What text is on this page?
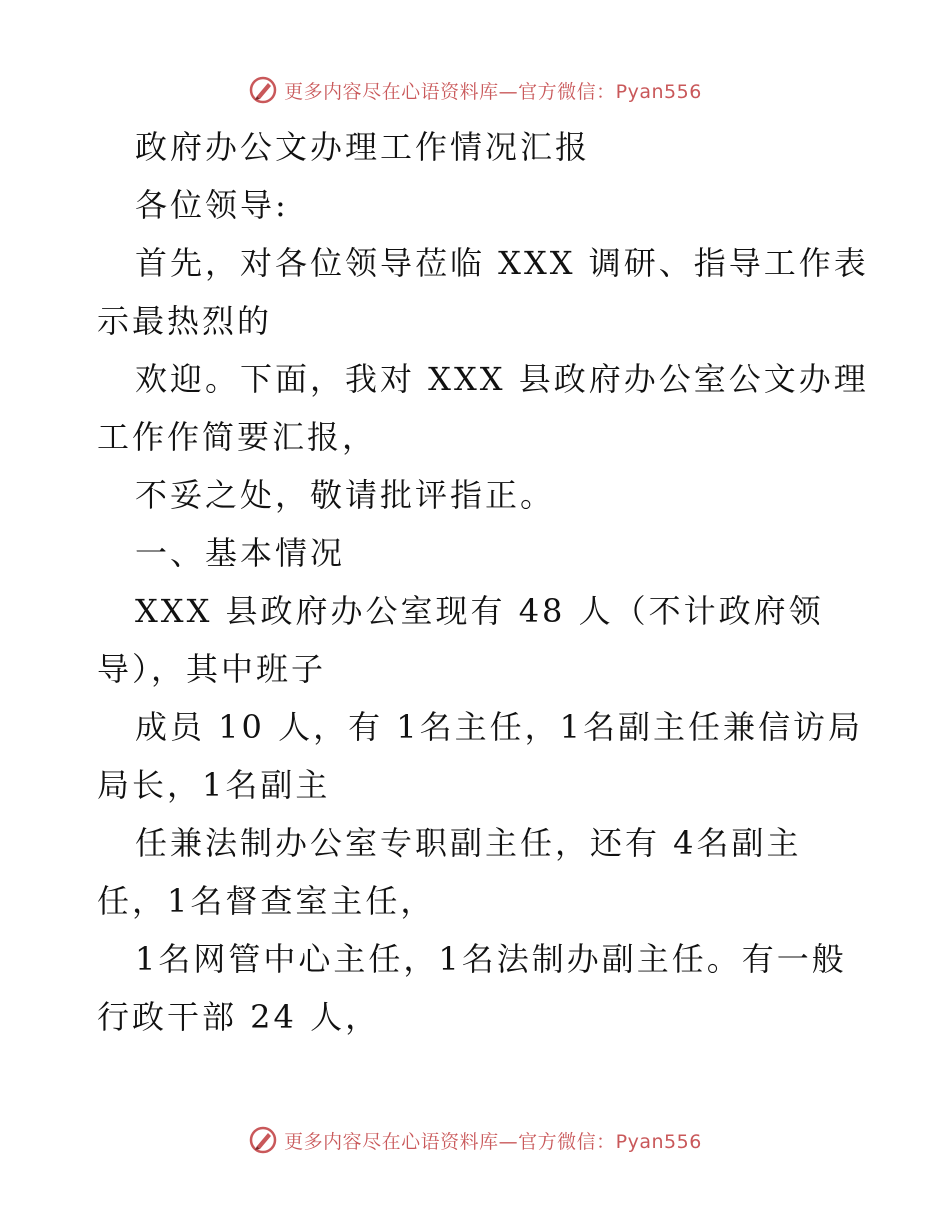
更多内容尽在心语资料库—官方微信：Pyan556
政府办公文办理工作情况汇报
各位领导:
首先，对各位领导莅临 XXX 调研、指导工作表
示最热烈的
欢迎。下面，我对 XXX 县政府办公室公文办理
工作作简要汇报，
不妥之处，敬请批评指正。
一、基本情况
XXX 县政府办公室现有 48 人（不计政府领
导），其中班子
成员 10 人，有 1名主任，1名副主任兼信访局
局长，1名副主
任兼法制办公室专职副主任，还有 4名副主
任，1名督查室主任，
1名网管中心主任，1名法制办副主任。有一般
行政干部 24 人，
更多内容尽在心语资料库—官方微信：Pyan556
